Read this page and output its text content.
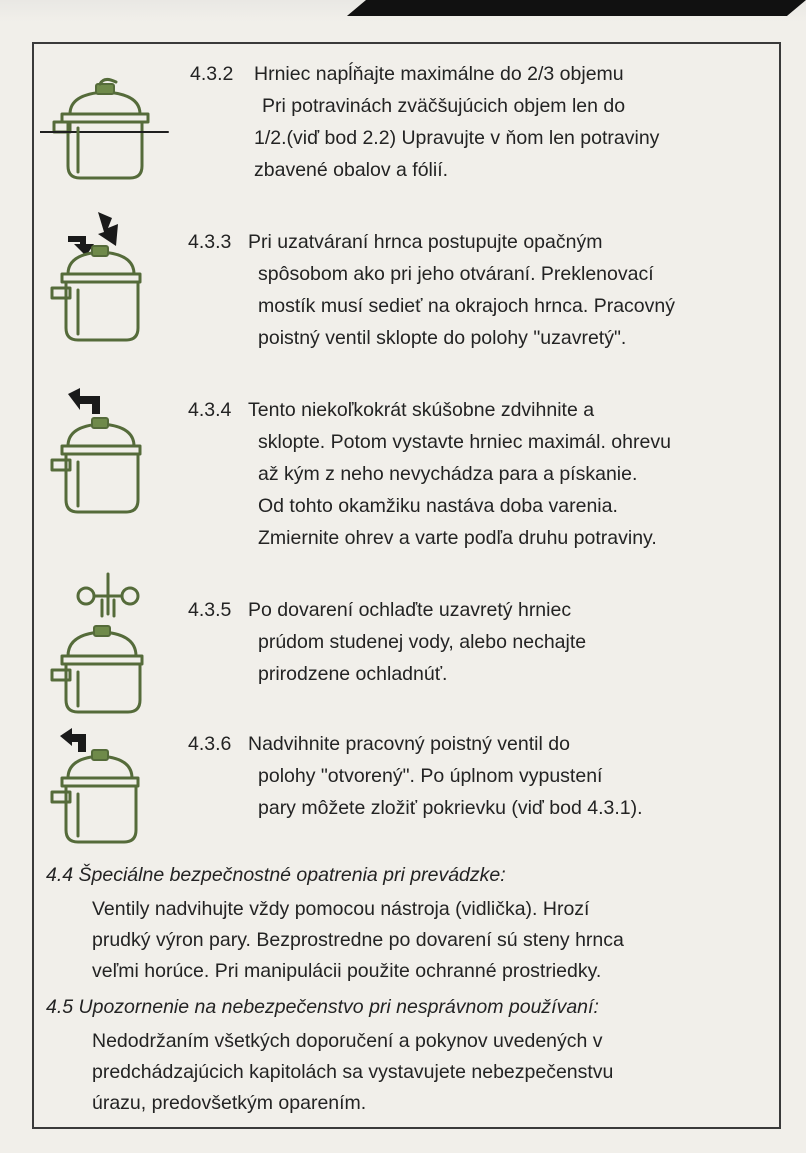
4.3.2 Hrniec napĺňajte maximálne do 2/3 objemu
Pri potravinách zväčšujúcich objem len do
1/2.(viď bod 2.2) Upravujte v ňom len potraviny
zbavené obalov a fólií.
4.3.3 Pri uzatváraní hrnca postupujte opačným
spôsobom ako pri jeho otváraní. Preklenovací
mostík musí sedieť na okrajoch hrnca. Pracovný
poistný ventil sklopte do polohy "uzavretý".
4.3.4 Tento niekoľkokrát skúšobne zdvihnite a
sklopte. Potom vystavte hrniec maximál. ohrevu
až kým z neho nevychádza para a pískanie.
Od tohto okamžiku nastáva doba varenia.
Zmiernite ohrev a varte podľa druhu potraviny.
4.3.5 Po dovarení ochlaďte uzavretý hrniec
prúdom studenej vody, alebo nechajte
prirodzene ochladnúť.
4.3.6 Nadvihnite pracovný poistný ventil do
polohy "otvorený". Po úplnom vypustení
pary môžete zložiť pokrievku (viď bod 4.3.1).
4.4 Špeciálne bezpečnostné opatrenia pri prevádzke:
Ventily nadvihujte vždy pomocou nástroja (vidlička). Hrozí
prudký výron pary. Bezprostredne po dovarení sú steny hrnca
veľmi horúce. Pri manipulácii použite ochranné prostriedky.
4.5 Upozornenie na nebezpečenstvo pri nesprávnom používaní:
Nedodržaním všetkých doporučení a pokynov uvedených v
predchádzajúcich kapitolách sa vystavujete nebezpečenstvu
úrazu, predovšetkým oparením.
